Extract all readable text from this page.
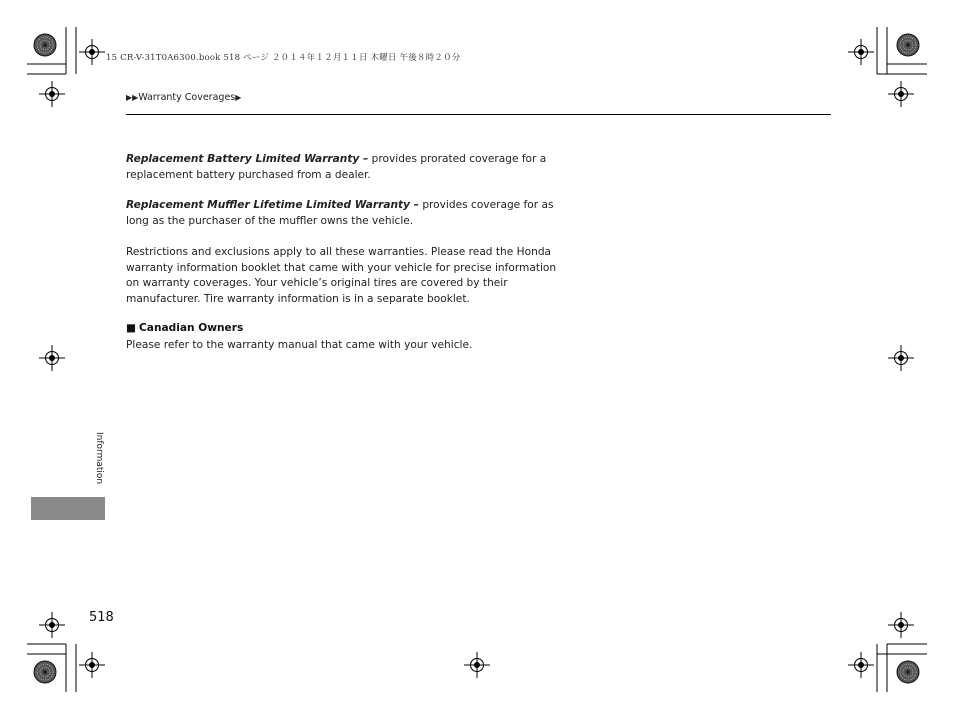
15 CR-V-31T0A6300.book 518 ページ ２０１４年１２月１１日 木曜日 午後８時２０分
▶▶Warranty Coverages▶
Replacement Battery Limited Warranty – provides prorated coverage for a replacement battery purchased from a dealer.
Replacement Muffler Lifetime Limited Warranty – provides coverage for as long as the purchaser of the muffler owns the vehicle.
Restrictions and exclusions apply to all these warranties. Please read the Honda warranty information booklet that came with your vehicle for precise information on warranty coverages. Your vehicle’s original tires are covered by their manufacturer. Tire warranty information is in a separate booklet.
■ Canadian Owners
Please refer to the warranty manual that came with your vehicle.
Information
518
